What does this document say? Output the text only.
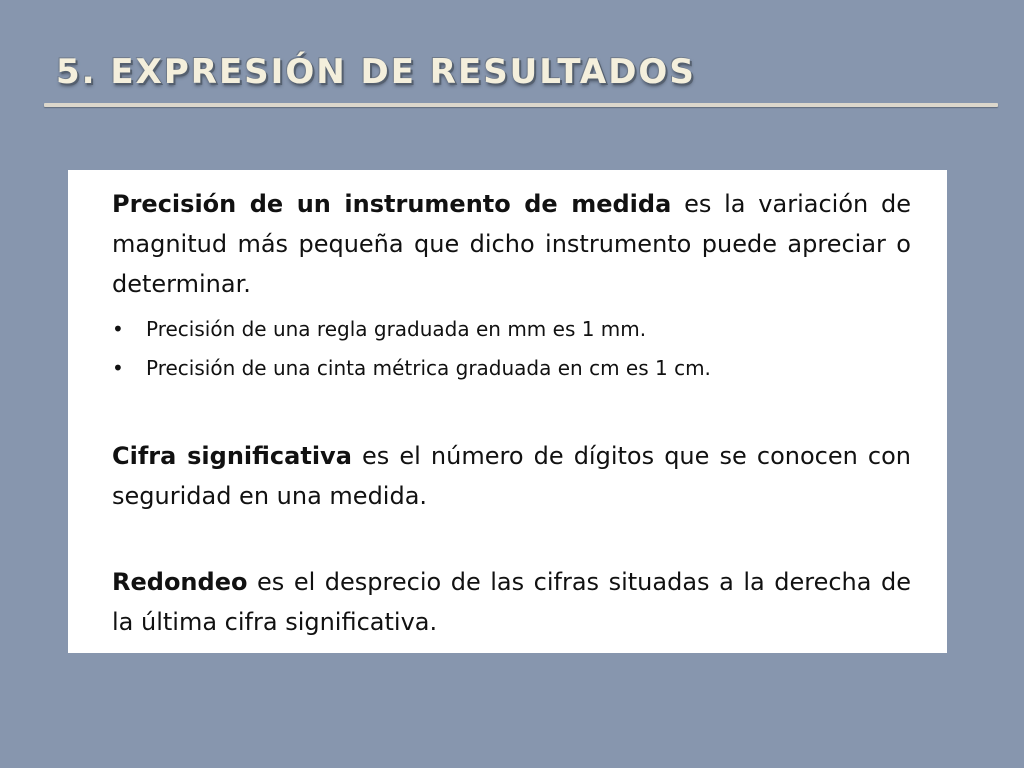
5. EXPRESIÓN DE RESULTADOS

Precisión de un instrumento de medida es la variación de magnitud más pequeña que dicho instrumento puede apreciar o determinar.

• Precisión de una regla graduada en mm es 1 mm.
• Precisión de una cinta métrica graduada en cm es 1 cm.

Cifra significativa es el número de dígitos que se conocen con seguridad en una medida.

Redondeo es el desprecio de las cifras situadas a la derecha de la última cifra significativa.
